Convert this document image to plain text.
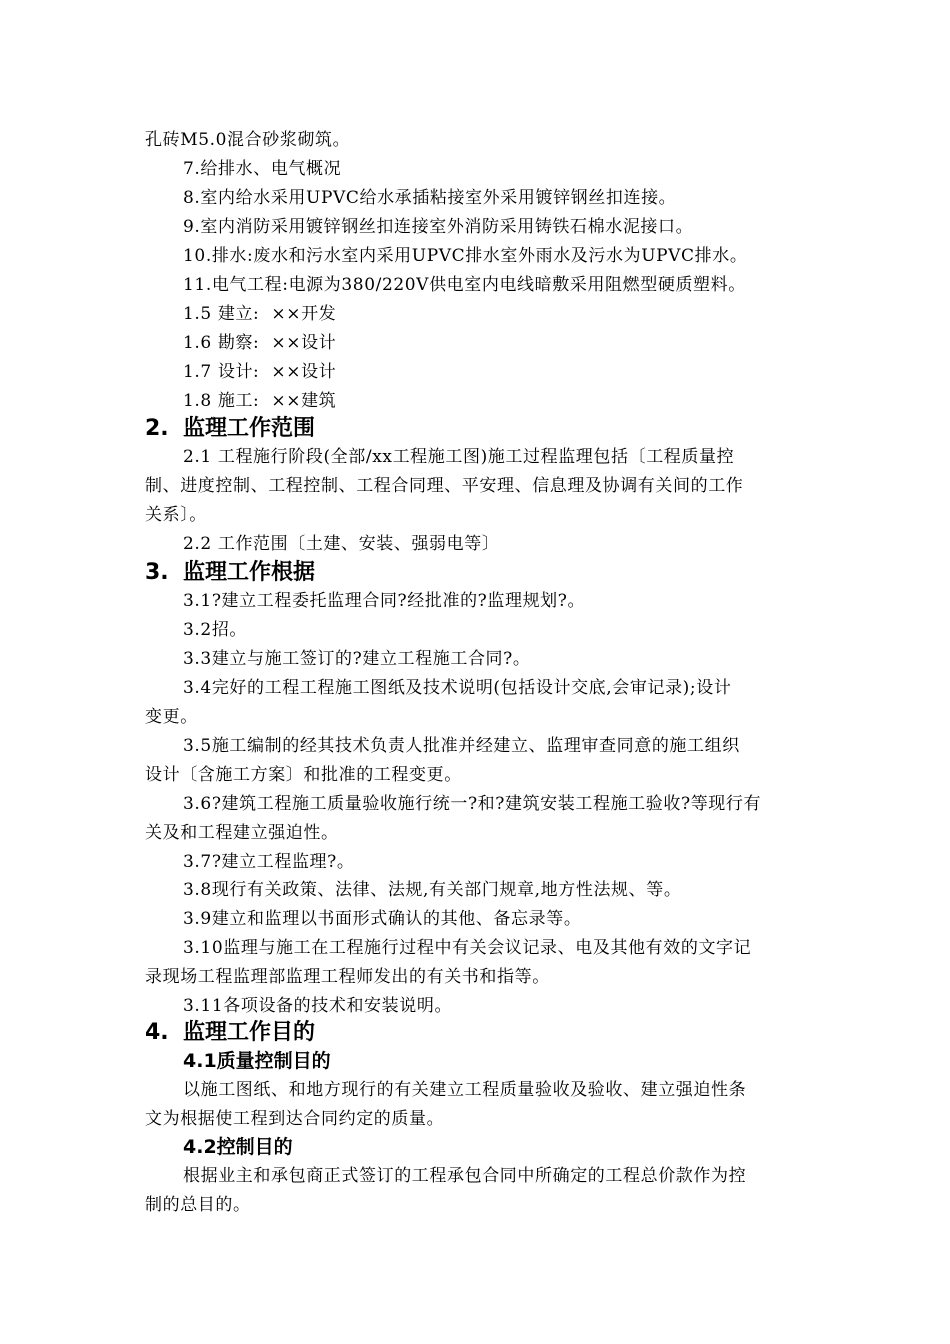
孔砖M5.0混合砂浆砌筑。
7.给排水、电气概况
8.室内给水采用UPVC给水承插粘接室外采用镀锌钢丝扣连接。
9.室内消防采用镀锌钢丝扣连接室外消防采用铸铁石棉水泥接口。
10.排水:废水和污水室内采用UPVC排水室外雨水及污水为UPVC排水。
11.电气工程:电源为380/220V供电室内电线暗敷采用阻燃型硬质塑料。
1.5 建立:  ××开发
1.6 勘察:  ××设计
1.7 设计:  ××设计
1.8 施工:  ××建筑
2. 监理工作范围
2.1 工程施行阶段(全部/xx工程施工图)施工过程监理包括〔工程质量控
制、进度控制、工程控制、工程合同理、平安理、信息理及协调有关间的工作
关系〕。
2.2 工作范围〔土建、安装、强弱电等〕
3. 监理工作根据
3.1?建立工程委托监理合同?经批准的?监理规划?。
3.2招。
3.3建立与施工签订的?建立工程施工合同?。
3.4完好的工程工程施工图纸及技术说明(包括设计交底,会审记录);设计
变更。
3.5施工编制的经其技术负责人批准并经建立、监理审查同意的施工组织
设计〔含施工方案〕和批准的工程变更。
3.6?建筑工程施工质量验收施行统一?和?建筑安装工程施工验收?等现行有
关及和工程建立强迫性。
3.7?建立工程监理?。
3.8现行有关政策、法律、法规,有关部门规章,地方性法规、等。
3.9建立和监理以书面形式确认的其他、备忘录等。
3.10监理与施工在工程施行过程中有关会议记录、电及其他有效的文字记
录现场工程监理部监理工程师发出的有关书和指等。
3.11各项设备的技术和安装说明。
4. 监理工作目的
4.1质量控制目的
以施工图纸、和地方现行的有关建立工程质量验收及验收、建立强迫性条
文为根据使工程到达合同约定的质量。
4.2控制目的
根据业主和承包商正式签订的工程承包合同中所确定的工程总价款作为控
制的总目的。
